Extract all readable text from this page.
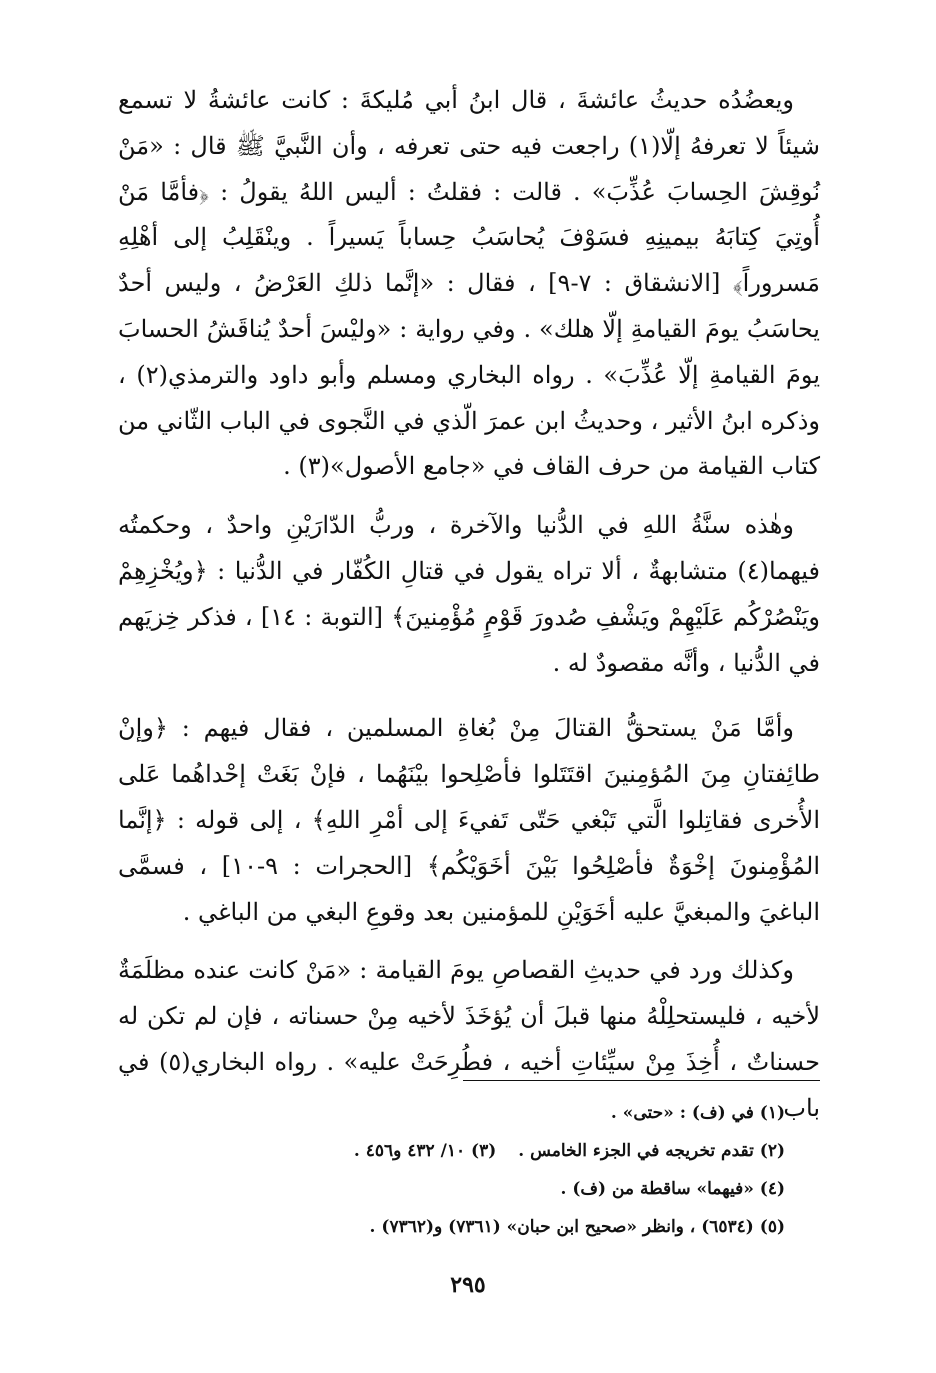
ويعضُدُه حديثُ عائشةَ ، قال ابنُ أبي مُليكةَ : كانت عائشةُ لا تسمع شيئاً لا تعرفهُ إلّا(١) راجعت فيه حتى تعرفه ، وأن النَّبيَّ ﷺ قال : «مَنْ نُوقِشَ الحِسابَ عُذِّبَ» . قالت : فقلتُ : أليس اللهُ يقولُ : ﴿فأمَّا مَنْ أُوتِيَ كِتابَهُ بيمينِهِ فسَوْفَ يُحاسَبُ حِساباً يَسيراً . وينْقَلِبُ إلى أهْلِهِ مَسروراً﴾ [الانشقاق : ٧-٩] ، فقال : «إنَّما ذلكِ العَرْضُ ، وليس أحدٌ يحاسَبُ يومَ القيامةِ إلّا هلك» . وفي رواية : «وليْسَ أحدٌ يُناقَشُ الحسابَ يومَ القيامةِ إلّا عُذِّبَ» . رواه البخاري ومسلم وأبو داود والترمذي(٢) ، وذكره ابنُ الأثير ، وحديثُ ابن عمرَ الّذي في النَّجوى في الباب الثّاني من كتاب القيامة من حرف القاف في «جامع الأصول»(٣) .

وهٰذه سنَّةُ اللهِ في الدُّنيا والآخرة ، وربُّ الدّارَيْنِ واحدٌ ، وحكمتُه فيهما(٤) متشابهةٌ ، ألا تراه يقول في قتالِ الكُفّار في الدُّنيا : ﴿ويُخْزِهِمْ ويَنْصُرْكُم عَلَيْهِمْ ويَشْفِ صُدورَ قَوْمٍ مُؤْمِنينَ﴾ [التوبة : ١٤] ، فذكر خِزيَهم في الدُّنيا ، وأنَّه مقصودٌ له .

وأمَّا مَنْ يستحقُّ القتالَ مِنْ بُغاةِ المسلمين ، فقال فيهم : ﴿وإنْ طائِفتانِ مِنَ المُؤمِنينَ اقتَتَلوا فأصْلِحوا بيْنَهُما ، فإنْ بَغَتْ إحْداهُما عَلى الأُخرى فقاتِلوا الَّتي تَبْغي حَتّى تَفيءَ إلى أمْرِ اللهِ﴾ ، إلى قوله : ﴿إنَّما المُؤْمِنونَ إخْوَةٌ فأصْلِحُوا بَيْنَ أخَوَيْكُم﴾ [الحجرات : ٩-١٠] ، فسمَّى الباغيَ والمبغيَّ عليه أخَوَيْنِ للمؤمنين بعد وقوعِ البغي من الباغي .

وكذلك ورد في حديثِ القصاصِ يومَ القيامة : «مَنْ كانت عنده مظلَمَةٌ لأخيه ، فليستحلِلْهُ منها قبلَ أن يُؤخَذَ لأخيه مِنْ حسناته ، فإن لم تكن له حسناتٌ ، أُخِذَ مِنْ سيِّئاتِ أخيه ، فطُرِحَتْ عليه» . رواه البخاري(٥) في باب

(١) في (ف) : «حتى» .

(٢) تقدم تخريجه في الجزء الخامس .(٣) ١٠/ ٤٣٢ و٤٥٦ .

(٤) «فيهما» ساقطة من (ف) .

(٥) (٦٥٣٤) ، وانظر «صحيح ابن حبان» (٧٣٦١) و(٧٣٦٢) .

٢٩٥
